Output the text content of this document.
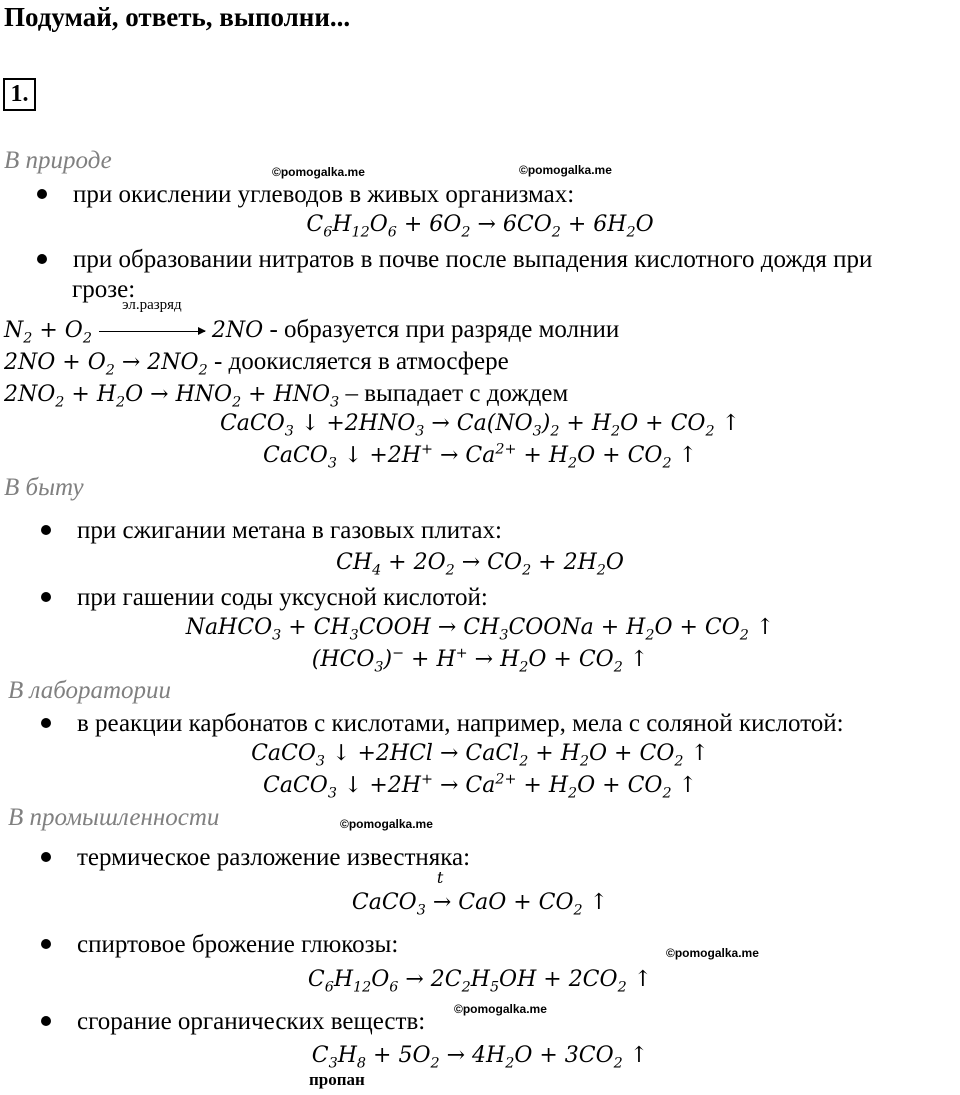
Подумай, ответь, выполни...
1.
©pomogalka.me	©pomogalka.me
©pomogalka.me
©pomogalka.me
©pomogalka.me
В природе
при окислении углеводов в живых организмах:
$C_6H_{12}O_6 + 6O_2 \to 6CO_2 + 6H_2O$
при образовании нитратов в почве после выпадения кислотного дождя при
грозе:
$N_2 + O_2$
эл.разряд
2NO - образуется при разряде молнии
$2NO + O_2 \to 2NO_2$ - доокисляется в атмосфере
$2NO_2 + H_2O \to HNO_2 + HNO_3$ – выпадает с дождем
CaCO$_3$ ↓ $+2HNO_3 \to Ca(NO_3)_2 + H_2O + CO_2$ ↑
CaCO$_3$ ↓ $+2H^+ \to Ca^{2+} + H_2O + CO_2$ ↑
В быту
при сжигании метана в газовых плитах:
$CH_4 + 2O_2 \to CO_2 + 2H_2O$
при гашении соды уксусной кислотой:
NaHCO$_3$ + $CH_3COOH$ → $CH_3COONa + H_2O + CO_2$ ↑
$(HCO_3)^- + H^+ \to H_2O + CO_2$ ↑
В лаборатории
в реакции карбонатов с кислотами, например, мела с соляной кислотой:
CaCO$_3$ ↓ +2HCl → CaCl$_2$ + $H_2O + CO_2$ ↑
CaCO$_3$ ↓ $+2H^+ \to Ca^{2+} + H_2O + CO_2$ ↑
В промышленности
термическое разложение известняка:
CaCO$_3$
t
→ CaO + $CO_2$ ↑
спиртовое брожение глюкозы:
$C_6H_{12}O_6 \to 2C_2H_5OH + 2CO_2$ ↑
сгорание органических веществ:
$C_3H_8 + 5O_2 \to 4H_2O + 3CO_2$ ↑
пропан
